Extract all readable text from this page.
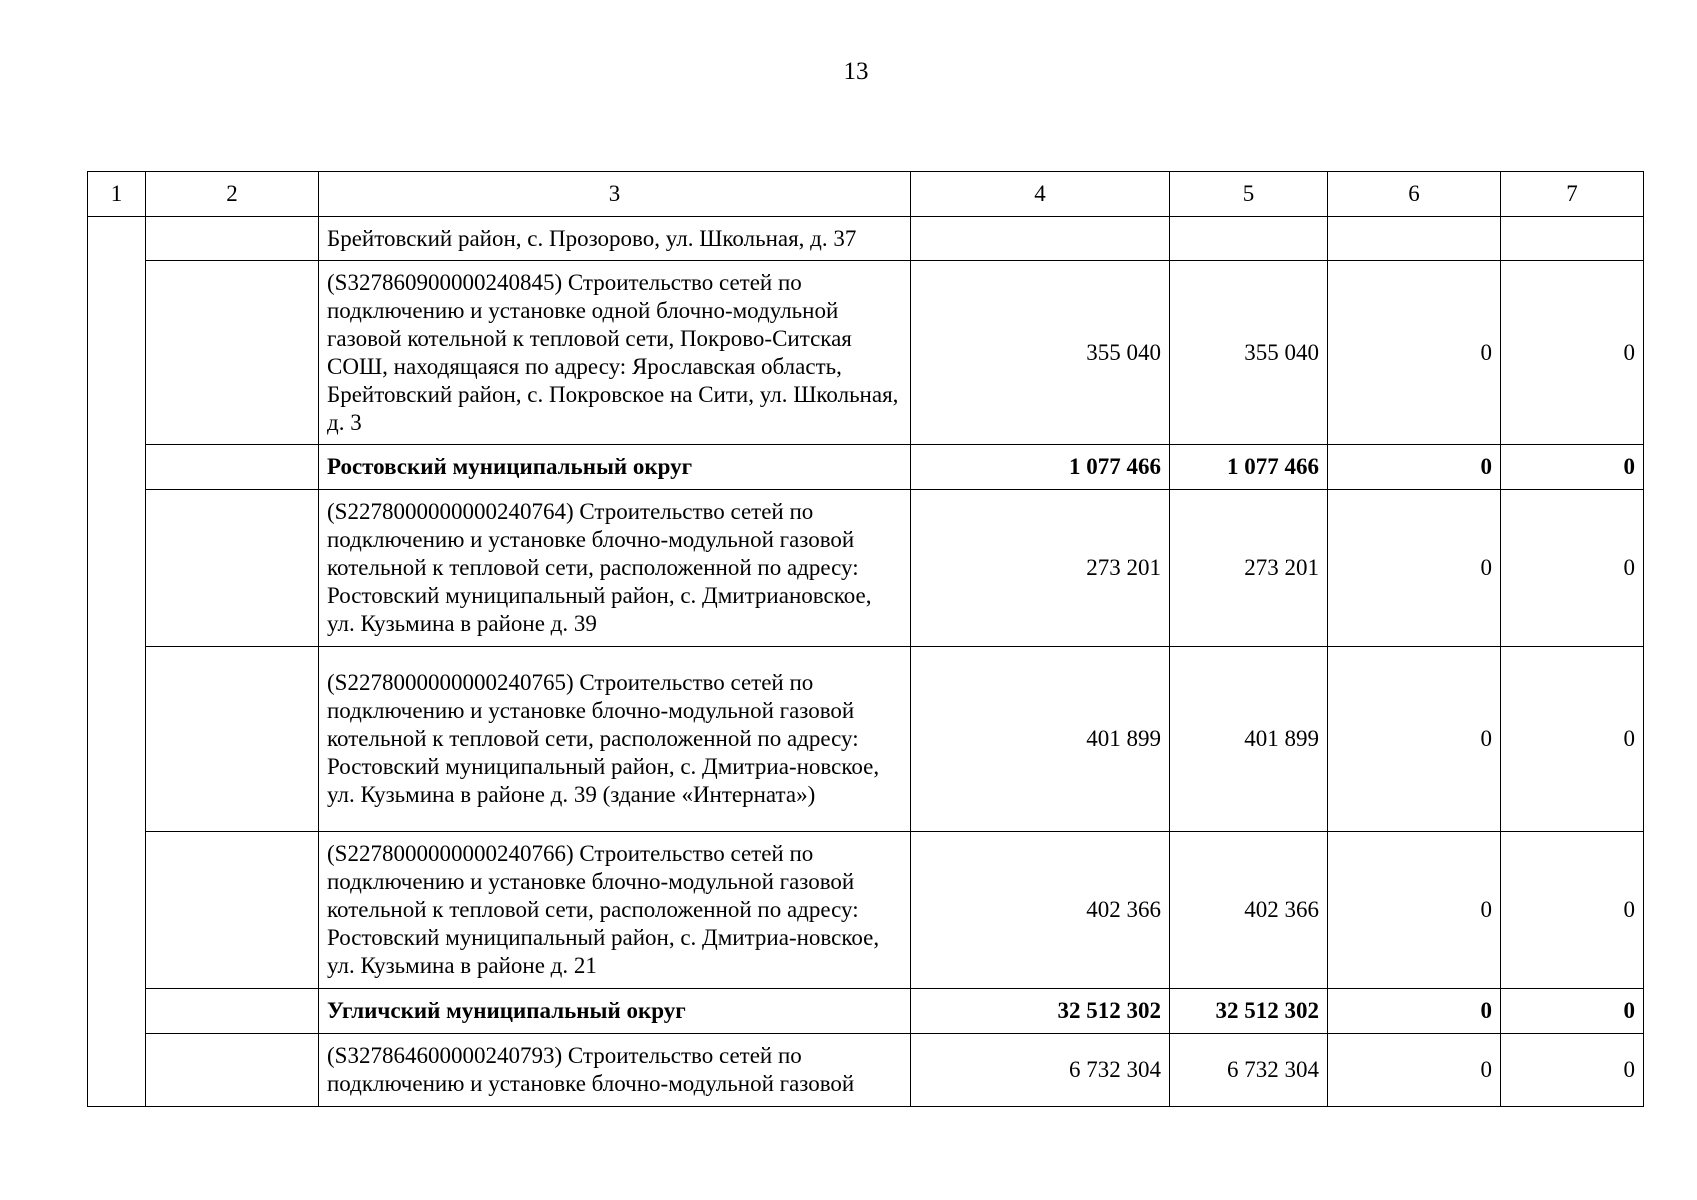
13
1	2	3	4	5	6	7
		Брейтовский район, с. Прозорово, ул. Школьная, д. 37				
		(S327860900000240845) Строительство сетей по подключению и установке одной блочно-модульной газовой котельной к тепловой сети, Покрово-Ситская СОШ, находящаяся по адресу: Ярославская область, Брейтовский район, с. Покровское на Сити, ул. Школьная, д. 3	355 040	355 040	0	0
		Ростовский муниципальный округ	1 077 466	1 077 466	0	0
		(S2278000000000240764) Строительство сетей по подключению и установке блочно-модульной газовой котельной к тепловой сети, расположенной по адресу: Ростовский муниципальный район, с. Дмитриановское, ул. Кузьмина в районе д. 39	273 201	273 201	0	0
		(S2278000000000240765) Строительство сетей по подключению и установке блочно-модульной газовой котельной к тепловой сети, расположенной по адресу: Ростовский муниципальный район, с. Дмитриа-новское, ул. Кузьмина в районе д. 39 (здание «Интерната»)	401 899	401 899	0	0
		(S2278000000000240766) Строительство сетей по подключению и установке блочно-модульной газовой котельной к тепловой сети, расположенной по адресу: Ростовский муниципальный район, с. Дмитриа-новское, ул. Кузьмина в районе д. 21	402 366	402 366	0	0
		Угличский муниципальный округ	32 512 302	32 512 302	0	0
		(S327864600000240793) Строительство сетей по подключению и установке блочно-модульной газовой	6 732 304	6 732 304	0	0
